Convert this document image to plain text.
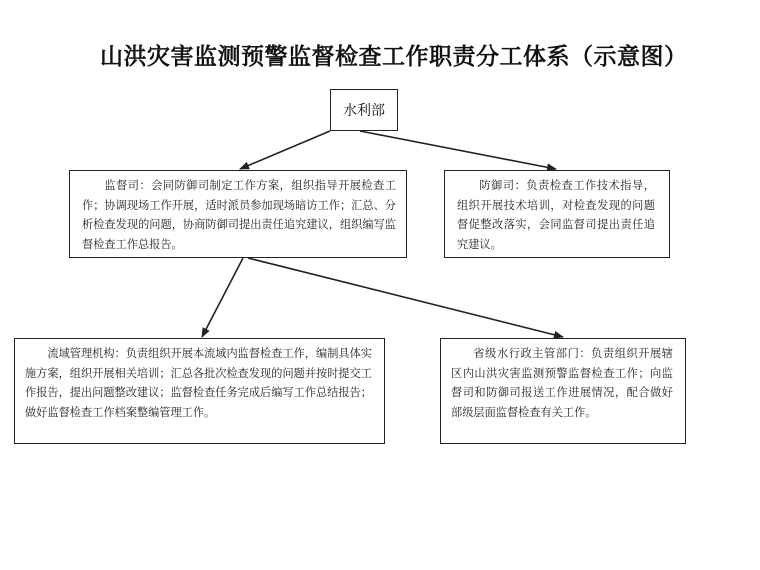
山洪灾害监测预警监督检查工作职责分工体系（示意图）
水利部
监督司：会同防御司制定工作方案，组织指导开展检查工作；协调现场工作开展，适时派员参加现场暗访工作；汇总、分析检查发现的问题，协商防御司提出责任追究建议，组织编写监督检查工作总报告。
防御司：负责检查工作技术指导，组织开展技术培训，对检查发现的问题督促整改落实，会同监督司提出责任追究建议。
流域管理机构：负责组织开展本流域内监督检查工作，编制具体实施方案，组织开展相关培训；汇总各批次检查发现的问题并按时提交工作报告，提出问题整改建议；监督检查任务完成后编写工作总结报告；做好监督检查工作档案整编管理工作。
省级水行政主管部门：负责组织开展辖区内山洪灾害监测预警监督检查工作；向监督司和防御司报送工作进展情况，配合做好部级层面监督检查有关工作。
